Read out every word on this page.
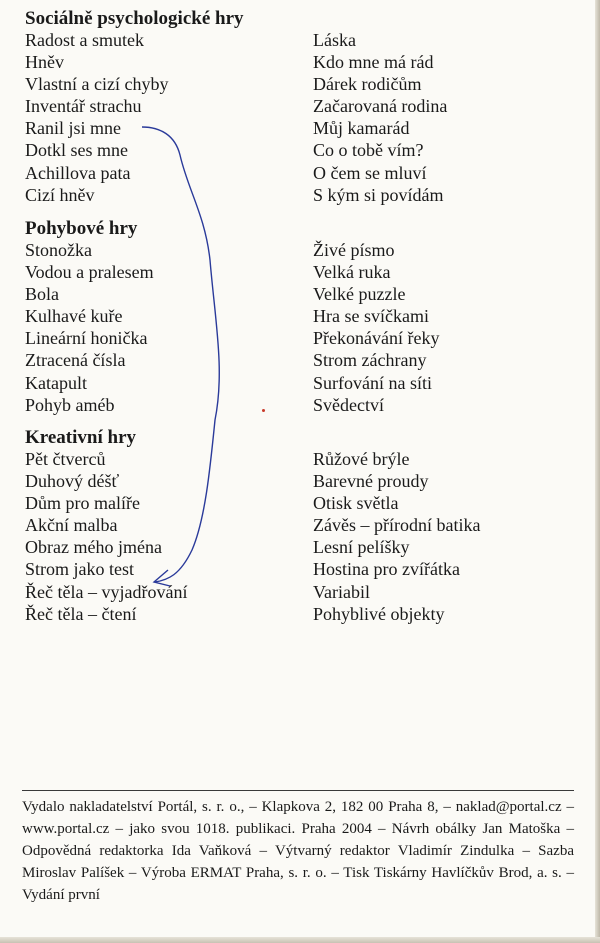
Sociálně psychologické hry
Radost a smutek
Hněv
Vlastní a cizí chyby
Inventář strachu
Ranil jsi mne
Dotkl ses mne
Achillova pata
Cizí hněv
Láska
Kdo mne má rád
Dárek rodičům
Začarovaná rodina
Můj kamarád
Co o tobě vím?
O čem se mluví
S kým si povídám
Pohybové hry
Stonožka
Vodou a pralesem
Bola
Kulhavé kuře
Lineární honička
Ztracená čísla
Katapult
Pohyb améb
Živé písmo
Velká ruka
Velké puzzle
Hra se svíčkami
Překonávání řeky
Strom záchrany
Surfování na síti
Svědectví
Kreativní hry
Pět čtverců
Duhový déšť
Dům pro malíře
Akční malba
Obraz mého jména
Strom jako test
Řeč těla – vyjadřování
Řeč těla – čtení
Růžové brýle
Barevné proudy
Otisk světla
Závěs – přírodní batika
Lesní pelíšky
Hostina pro zvířátka
Variabil
Pohyblivé objekty
Vydalo nakladatelství Portál, s. r. o., – Klapkova 2, 182 00 Praha 8, – naklad@portal.cz – www.portal.cz – jako svou 1018. publikaci. Praha 2004 – Návrh obálky Jan Matoška – Odpovědná redaktorka Ida Vaňková – Výtvarný redaktor Vladimír Zindulka – Sazba Miroslav Palíšek – Výroba ERMAT Praha, s. r. o. – Tisk Tiskárny Havlíčkův Brod, a. s. – Vydání první
